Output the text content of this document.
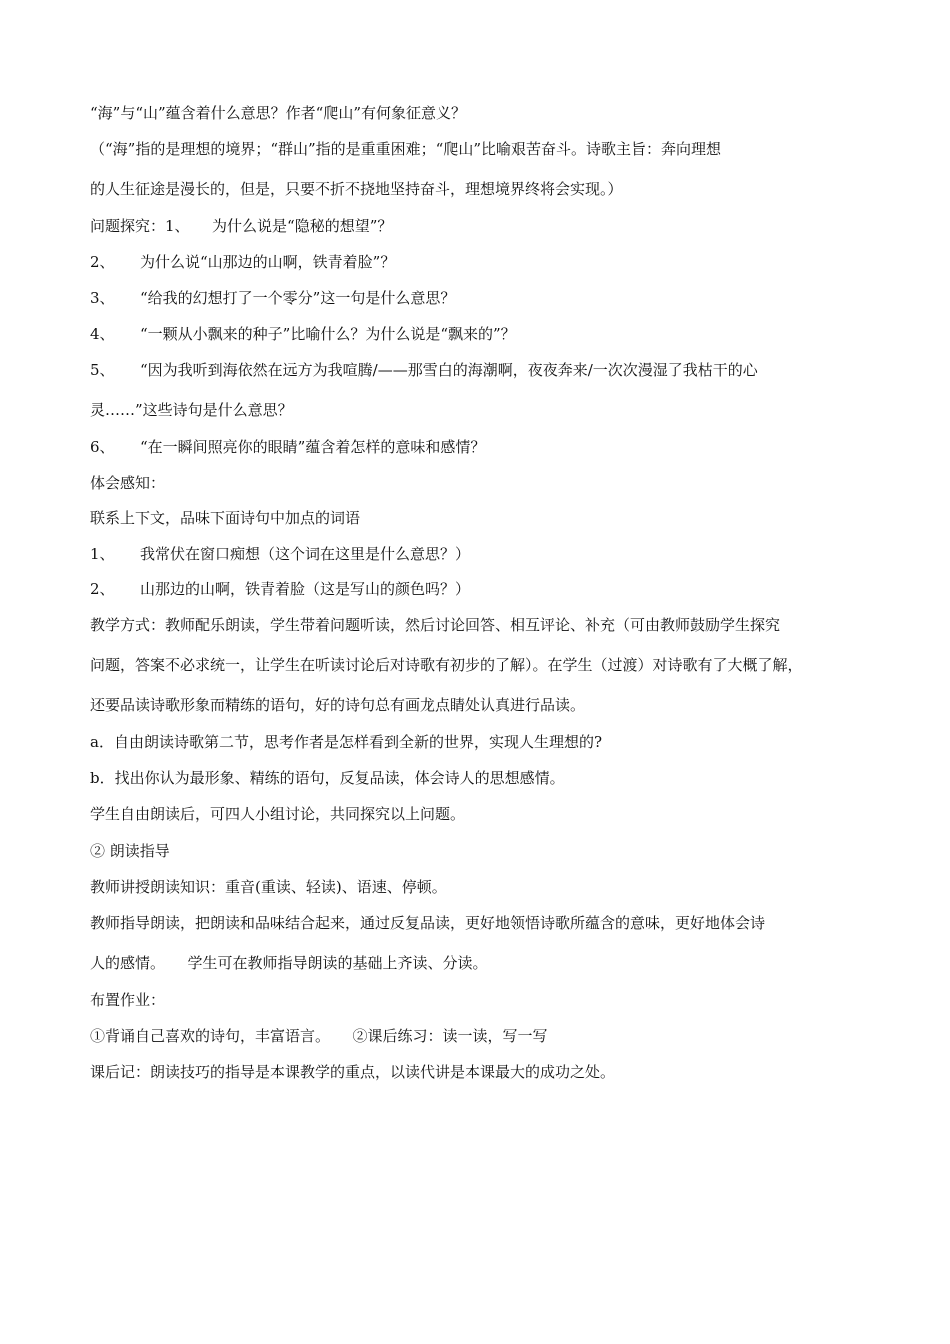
“海”与“山”蕴含着什么意思？作者“爬山”有何象征意义？
（“海”指的是理想的境界；“群山”指的是重重困难；“爬山”比喻艰苦奋斗。诗歌主旨：奔向理想
的人生征途是漫长的，但是，只要不折不挠地坚持奋斗，理想境界终将会实现。）
问题探究：1、　　为什么说是“隐秘的想望”？
2、 为什么说“山那边的山啊，铁青着脸”？
3、 “给我的幻想打了一个零分”这一句是什么意思？
4、 “一颗从小飘来的种子”比喻什么？为什么说是“飘来的”？
5、 “因为我听到海依然在远方为我喧腾/——那雪白的海潮啊，夜夜奔来/一次次漫湿了我枯干的心
灵……”这些诗句是什么意思？
6、 “在一瞬间照亮你的眼睛”蕴含着怎样的意味和感情？
体会感知：
联系上下文，品味下面诗句中加点的词语
1、 我常伏在窗口痴想（这个词在这里是什么意思？）
2、 山那边的山啊，铁青着脸（这是写山的颜色吗？）
教学方式：教师配乐朗读，学生带着问题听读，然后讨论回答、相互评论、补充（可由教师鼓励学生探究
问题，答案不必求统一，让学生在听读讨论后对诗歌有初步的了解）。在学生（过渡）对诗歌有了大概了解，
还要品读诗歌形象而精练的语句，好的诗句总有画龙点睛处认真进行品读。
a．自由朗读诗歌第二节，思考作者是怎样看到全新的世界，实现人生理想的?
b．找出你认为最形象、精练的语句，反复品读，体会诗人的思想感情。
学生自由朗读后，可四人小组讨论，共同探究以上问题。
② 朗读指导
教师讲授朗读知识：重音(重读、轻读)、语速、停顿。
教师指导朗读，把朗读和品味结合起来，通过反复品读，更好地领悟诗歌所蕴含的意味，更好地体会诗
人的感情。　　学生可在教师指导朗读的基础上齐读、分读。
布置作业：
①背诵自己喜欢的诗句，丰富语言。　　②课后练习：读一读，写一写
课后记：朗读技巧的指导是本课教学的重点，以读代讲是本课最大的成功之处。
